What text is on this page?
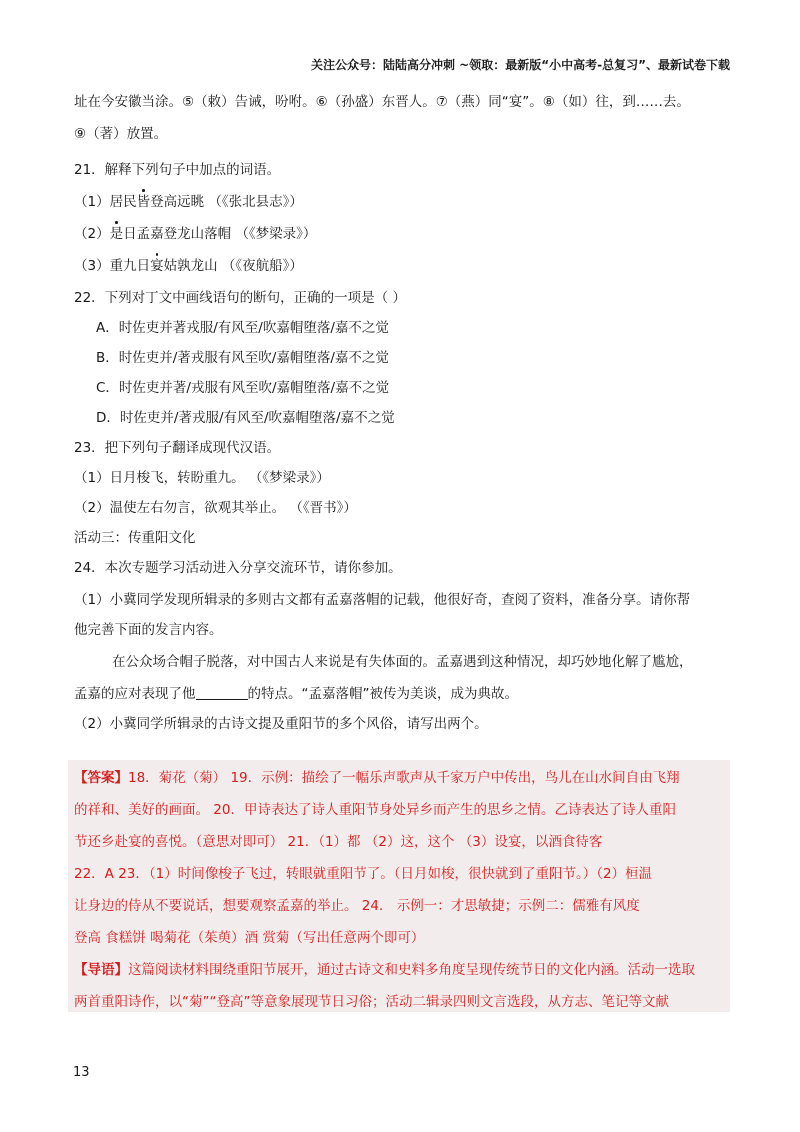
关注公众号：陆陆高分冲刺 ~领取：最新版“小中高考-总复习”、最新试卷下载
址在今安徽当涂。⑤（敕）告诫，吩咐。⑥（孙盛）东晋人。⑦（燕）同“宴”。⑧（如）往，到……去。
⑨（著）放置。
21．解释下列句子中加点的词语。
（1）居民皆登高远眺 （《张北县志》）
（2）是日孟嘉登龙山落帽 （《梦梁录》）
（3）重九日宴姑孰龙山 （《夜航船》）
22．下列对丁文中画线语句的断句，正确的一项是（ ）
A．时佐吏并著戎服/有风至/吹嘉帽堕落/嘉不之觉
B．时佐吏并/著戎服有风至吹/嘉帽堕落/嘉不之觉
C．时佐吏并著/戎服有风至吹/嘉帽堕落/嘉不之觉
D．时佐吏并/著戎服/有风至/吹嘉帽堕落/嘉不之觉
23．把下列句子翻译成现代汉语。
（1）日月梭飞，转盼重九。 （《梦梁录》）
（2）温使左右勿言，欲观其举止。 （《晋书》）
活动三：传重阳文化
24．本次专题学习活动进入分享交流环节，请你参加。
（1）小冀同学发现所辑录的多则古文都有孟嘉落帽的记载，他很好奇，查阅了资料，准备分享。请你帮
他完善下面的发言内容。
在公众场合帽子脱落，对中国古人来说是有失体面的。孟嘉遇到这种情况，却巧妙地化解了尴尬，
孟嘉的应对表现了他	的特点。“孟嘉落帽”被传为美谈，成为典故。
（2）小冀同学所辑录的古诗文提及重阳节的多个风俗，请写出两个。
【答案】18．菊花（菊） 19．示例：描绘了一幅乐声歌声从千家万户中传出，鸟儿在山水间自由飞翔
的祥和、美好的画面。 20．甲诗表达了诗人重阳节身处异乡而产生的思乡之情。乙诗表达了诗人重阳
节还乡赴宴的喜悦。（意思对即可） 21．（1）都 （2）这，这个 （3）设宴，以酒食待客
22．A 23．（1）时间像梭子飞过，转眼就重阳节了。（日月如梭，很快就到了重阳节。）（2）桓温
让身边的侍从不要说话，想要观察孟嘉的举止。 24． 示例一：才思敏捷；示例二：儒雅有风度
登高 食糕饼 喝菊花（茱萸）酒 赏菊（写出任意两个即可）
【导语】这篇阅读材料围绕重阳节展开，通过古诗文和史料多角度呈现传统节日的文化内涵。活动一选取
两首重阳诗作，以“菊”“登高”等意象展现节日习俗；活动二辑录四则文言选段，从方志、笔记等文献
13
